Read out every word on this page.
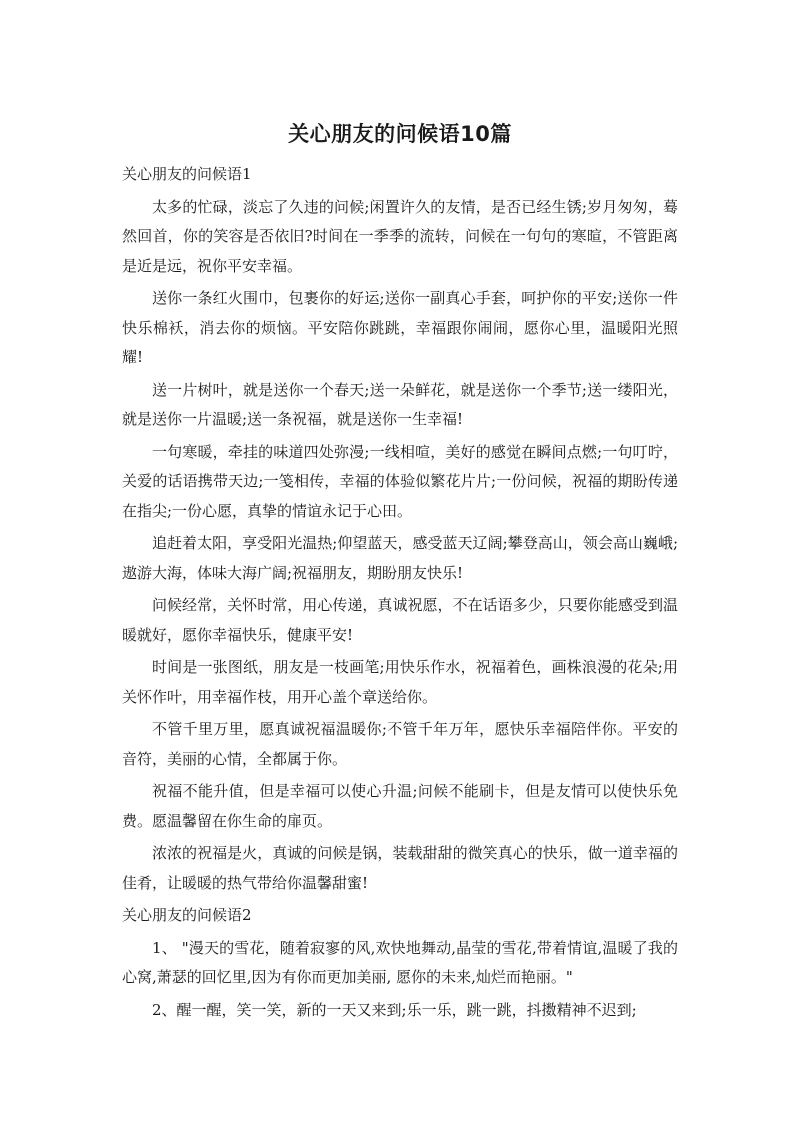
关心朋友的问候语10篇
关心朋友的问候语1

太多的忙碌，淡忘了久违的问候;闲置许久的友情，是否已经生锈;岁月匆匆，蓦然回首，你的笑容是否依旧?时间在一季季的流转，问候在一句句的寒暄，不管距离是近是远，祝你平安幸福。

送你一条红火围巾，包裹你的好运;送你一副真心手套，呵护你的平安;送你一件快乐棉袄，消去你的烦恼。平安陪你跳跳，幸福跟你闹闹，愿你心里，温暖阳光照耀!

送一片树叶，就是送你一个春天;送一朵鲜花，就是送你一个季节;送一缕阳光，就是送你一片温暖;送一条祝福，就是送你一生幸福!

一句寒暖，牵挂的味道四处弥漫;一线相喧，美好的感觉在瞬间点燃;一句叮咛，关爱的话语携带天边;一笺相传，幸福的体验似繁花片片;一份问候，祝福的期盼传递在指尖;一份心愿，真挚的情谊永记于心田。

追赶着太阳，享受阳光温热;仰望蓝天，感受蓝天辽阔;攀登高山，领会高山巍峨;遨游大海，体味大海广阔;祝福朋友，期盼朋友快乐!

问候经常，关怀时常，用心传递，真诚祝愿，不在话语多少，只要你能感受到温暖就好，愿你幸福快乐，健康平安!

时间是一张图纸，朋友是一枝画笔;用快乐作水，祝福着色，画株浪漫的花朵;用关怀作叶，用幸福作枝，用开心盖个章送给你。

不管千里万里，愿真诚祝福温暖你;不管千年万年，愿快乐幸福陪伴你。平安的音符，美丽的心情，全都属于你。

祝福不能升值，但是幸福可以使心升温;问候不能刷卡，但是友情可以使快乐免费。愿温馨留在你生命的扉页。

浓浓的祝福是火，真诚的问候是锅，装载甜甜的微笑真心的快乐，做一道幸福的佳肴，让暖暖的热气带给你温馨甜蜜!

关心朋友的问候语2

1、 "漫天的雪花，随着寂寥的风,欢快地舞动,晶莹的雪花,带着情谊,温暖了我的心窝,萧瑟的回忆里,因为有你而更加美丽, 愿你的未来,灿烂而艳丽。"

2、醒一醒，笑一笑，新的一天又来到;乐一乐，跳一跳，抖擞精神不迟到;
